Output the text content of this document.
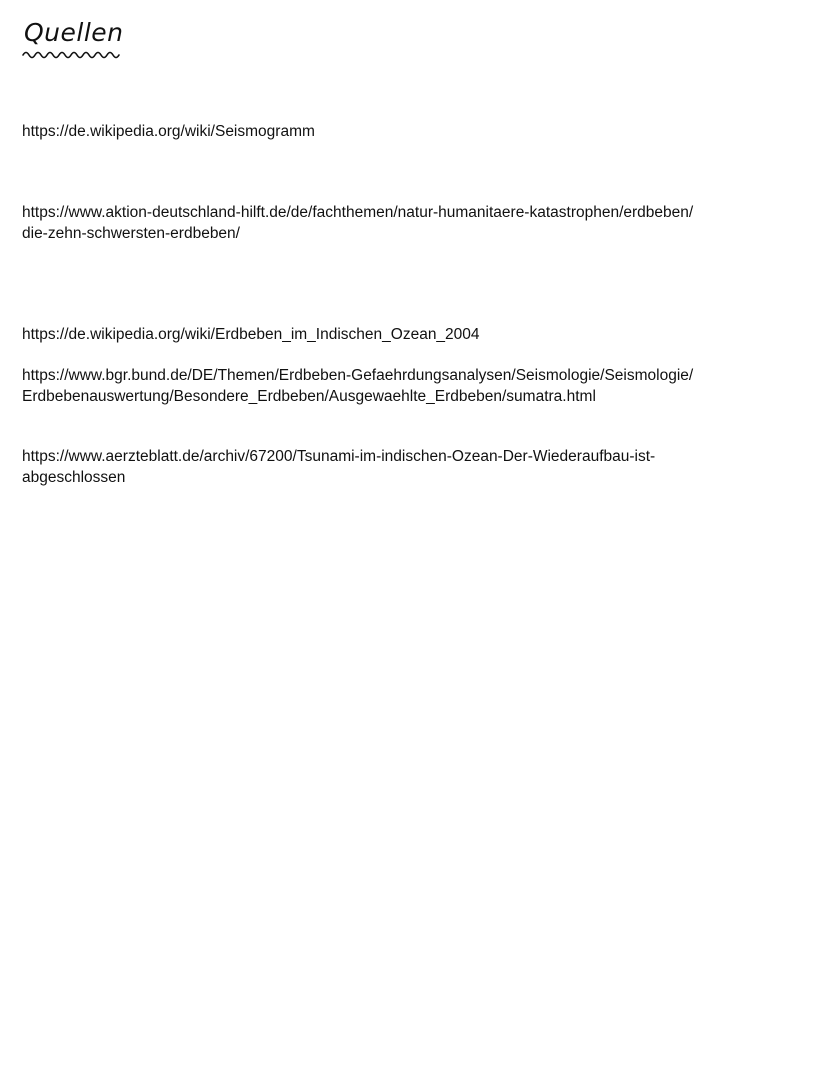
Quellen
https://de.wikipedia.org/wiki/Seismogramm
https://www.aktion-deutschland-hilft.de/de/fachthemen/natur-humanitaere-katastrophen/erdbeben/
die-zehn-schwersten-erdbeben/
https://de.wikipedia.org/wiki/Erdbeben_im_Indischen_Ozean_2004
https://www.bgr.bund.de/DE/Themen/Erdbeben-Gefaehrdungsanalysen/Seismologie/Seismologie/
Erdbebenauswertung/Besondere_Erdbeben/Ausgewaehlte_Erdbeben/sumatra.html
https://www.aerzteblatt.de/archiv/67200/Tsunami-im-indischen-Ozean-Der-Wiederaufbau-ist-
abgeschlossen
